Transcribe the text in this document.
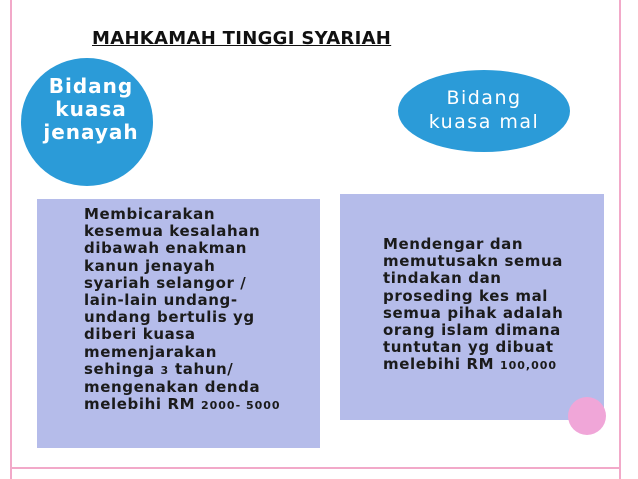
MAHKAMAH TINGGI SYARIAH
Bidang
kuasa
jenayah
Bidang
kuasa mal
Membicarakan
kesemua kesalahan
dibawah enakman
kanun jenayah
syariah selangor /
lain-lain undang-
undang bertulis yg
diberi kuasa
memenjarakan
sehinga 3 tahun/
mengenakan denda
melebihi RM 2000- 5000
Mendengar dan
memutusakn semua
tindakan dan
proseding kes mal
semua pihak adalah
orang islam dimana
tuntutan yg dibuat
melebihi RM 100,000
